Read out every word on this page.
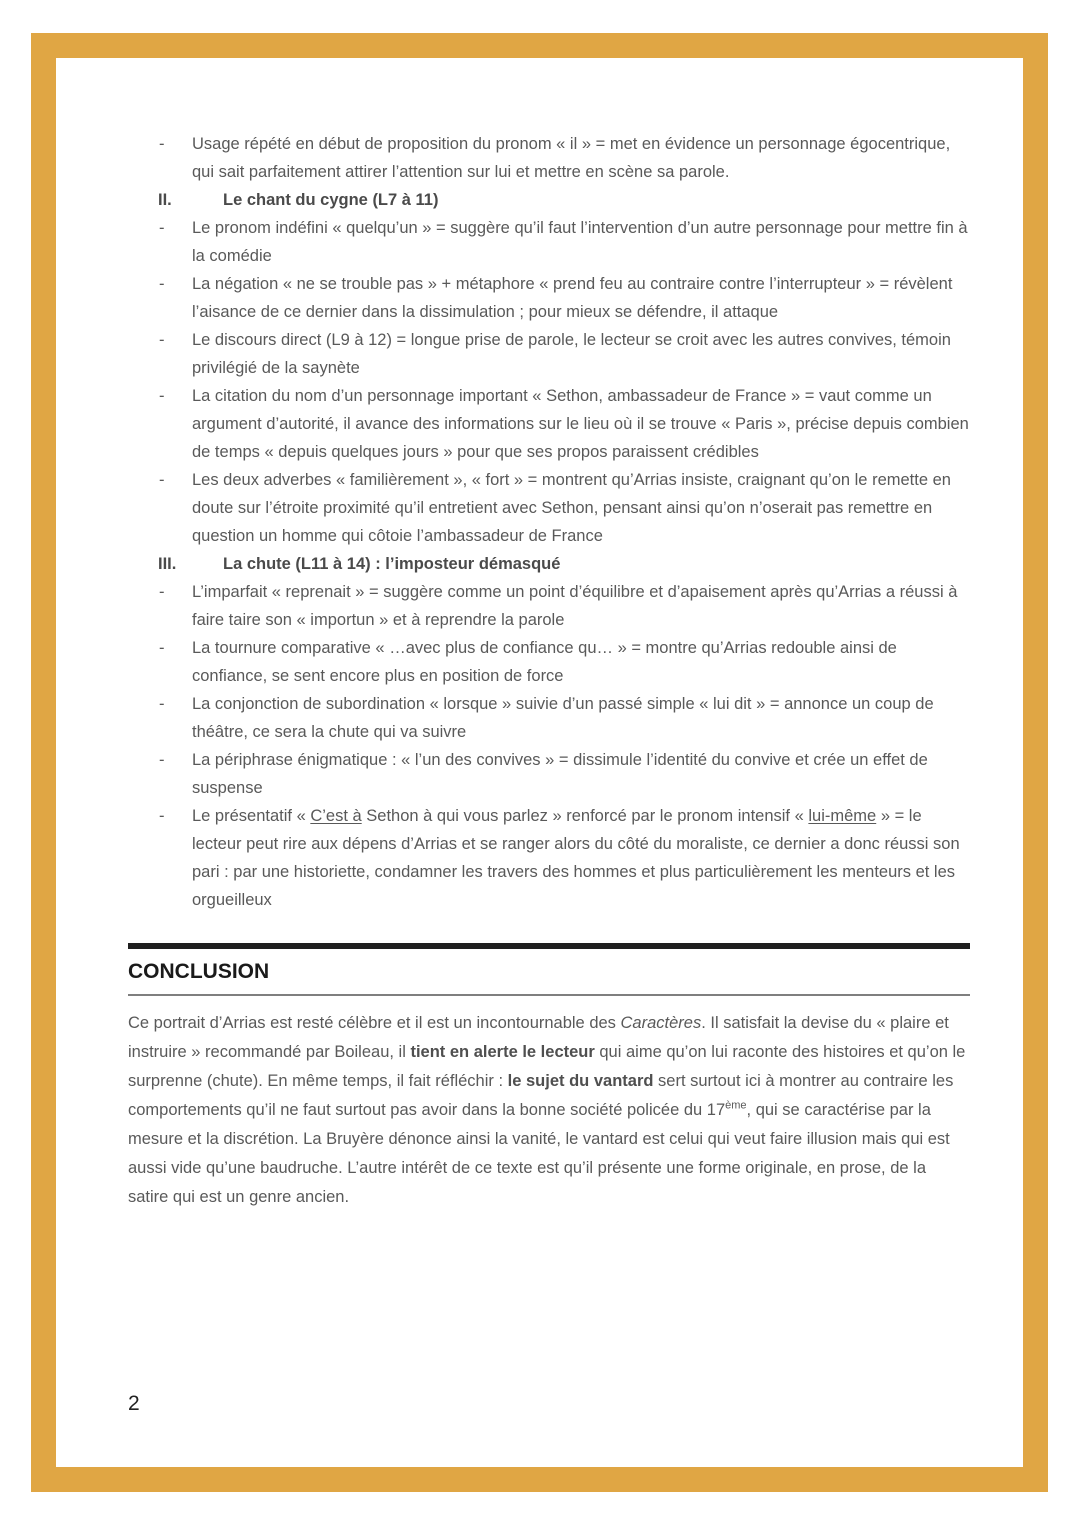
-	Usage répété en début de proposition du pronom « il » = met en évidence un personnage égocentrique, qui sait parfaitement attirer l’attention sur lui et mettre en scène sa parole.
II.	Le chant du cygne (L7 à 11)
-	Le pronom indéfini « quelqu’un » = suggère qu’il faut l’intervention d’un autre personnage pour mettre fin à la comédie
-	La négation « ne se trouble pas » + métaphore « prend feu au contraire contre l’interrupteur » = révèlent l’aisance de ce dernier dans la dissimulation ; pour mieux se défendre, il attaque
-	Le discours direct (L9 à 12) = longue prise de parole, le lecteur se croit avec les autres convives, témoin privilégié de la saynète
-	La citation du nom d’un personnage important « Sethon, ambassadeur de France » = vaut comme un argument d’autorité, il avance des informations sur le lieu où il se trouve « Paris », précise depuis combien de temps « depuis quelques jours » pour que ses propos paraissent crédibles
-	Les deux adverbes « familièrement », « fort » = montrent qu’Arrias insiste, craignant qu’on le remette en doute sur l’étroite proximité qu’il entretient avec Sethon, pensant ainsi qu’on n’oserait pas remettre en question un homme qui côtoie l’ambassadeur de France
III.	La chute (L11 à 14) : l’imposteur démasqué
-	L’imparfait « reprenait » = suggère comme un point d’équilibre et d’apaisement après qu’Arrias a réussi à faire taire son « importun » et à reprendre la parole
-	La tournure comparative « …avec plus de confiance qu… » = montre qu’Arrias redouble ainsi de confiance, se sent encore plus en position de force
-	La conjonction de subordination « lorsque » suivie d’un passé simple « lui dit » = annonce un coup de théâtre, ce sera la chute qui va suivre
-	La périphrase énigmatique : « l’un des convives » = dissimule l’identité du convive et crée un effet de suspense
-	Le présentatif « C’est à Sethon à qui vous parlez » renforcé par le pronom intensif « lui-même » = le lecteur peut rire aux dépens d’Arrias et se ranger alors du côté du moraliste, ce dernier a donc réussi son pari : par une historiette, condamner les travers des hommes et plus particulièrement les menteurs et les orgueilleux
CONCLUSION

Ce portrait d’Arrias est resté célèbre et il est un incontournable des Caractères. Il satisfait la devise du « plaire et instruire » recommandé par Boileau, il tient en alerte le lecteur qui aime qu’on lui raconte des histoires et qu’on le surprenne (chute). En même temps, il fait réfléchir : le sujet du vantard sert surtout ici à montrer au contraire les comportements qu’il ne faut surtout pas avoir dans la bonne société policée du 17ème, qui se caractérise par la mesure et la discrétion. La Bruyère dénonce ainsi la vanité, le vantard est celui qui veut faire illusion mais qui est aussi vide qu’une baudruche. L’autre intérêt de ce texte est qu’il présente une forme originale, en prose, de la satire qui est un genre ancien.

2
